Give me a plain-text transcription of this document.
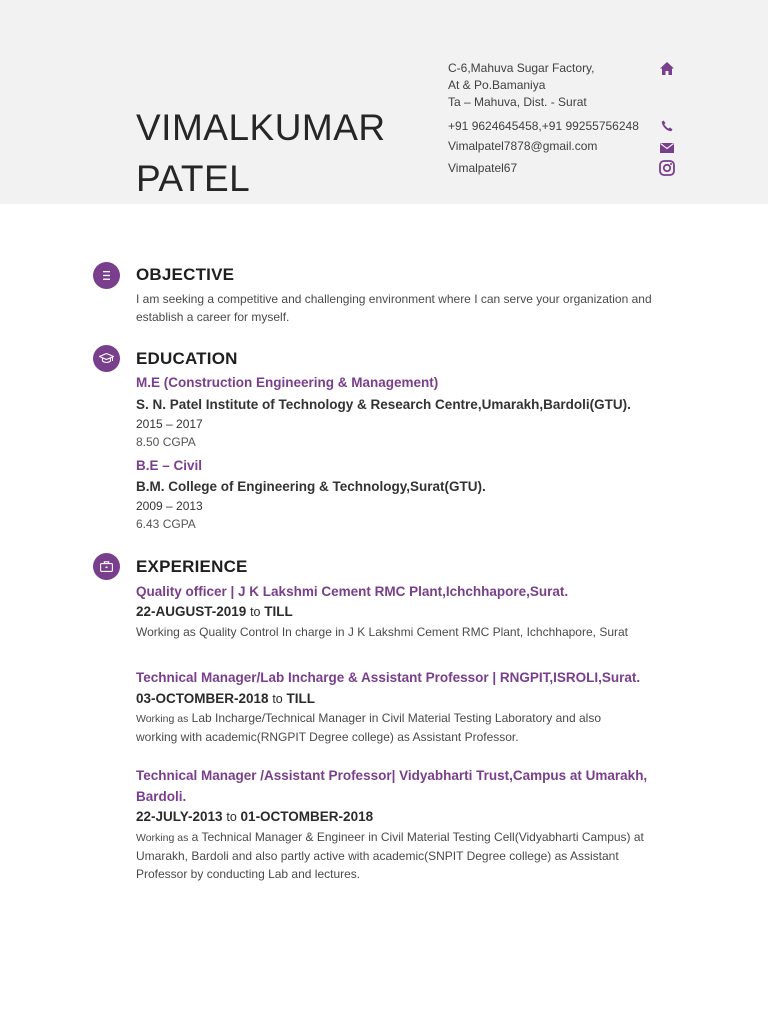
VIMALKUMAR
PATEL
C-6,Mahuva Sugar Factory,
At & Po.Bamaniya
Ta – Mahuva, Dist. - Surat
+91 9624645458,+91 99255756248
Vimalpatel7878@gmail.com
Vimalpatel67
OBJECTIVE
I am seeking a competitive and challenging environment where I can serve your organization and establish a career for myself.
EDUCATION
M.E (Construction Engineering & Management)
S. N. Patel Institute of Technology & Research Centre,Umarakh,Bardoli(GTU).
2015 – 2017
8.50 CGPA
B.E – Civil
B.M. College of Engineering & Technology,Surat(GTU).
2009 – 2013
6.43 CGPA
EXPERIENCE
Quality officer | J K Lakshmi Cement RMC Plant,Ichchhapore,Surat.
22-AUGUST-2019 to TILL
Working as Quality Control In charge in J K Lakshmi Cement RMC Plant, Ichchhapore, Surat
Technical Manager/Lab Incharge & Assistant Professor | RNGPIT,ISROLI,Surat.
03-OCTOMBER-2018 to TILL
Working as Lab Incharge/Technical Manager in Civil Material Testing Laboratory and also
working with academic(RNGPIT Degree college) as Assistant Professor.
Technical Manager /Assistant Professor| Vidyabharti Trust,Campus at Umarakh,
Bardoli.
22-JULY-2013 to 01-OCTOMBER-2018
Working as a Technical Manager & Engineer in Civil Material Testing Cell(Vidyabharti Campus) at
Umarakh, Bardoli and also partly active with academic(SNPIT Degree college) as Assistant
Professor by conducting Lab and lectures.
